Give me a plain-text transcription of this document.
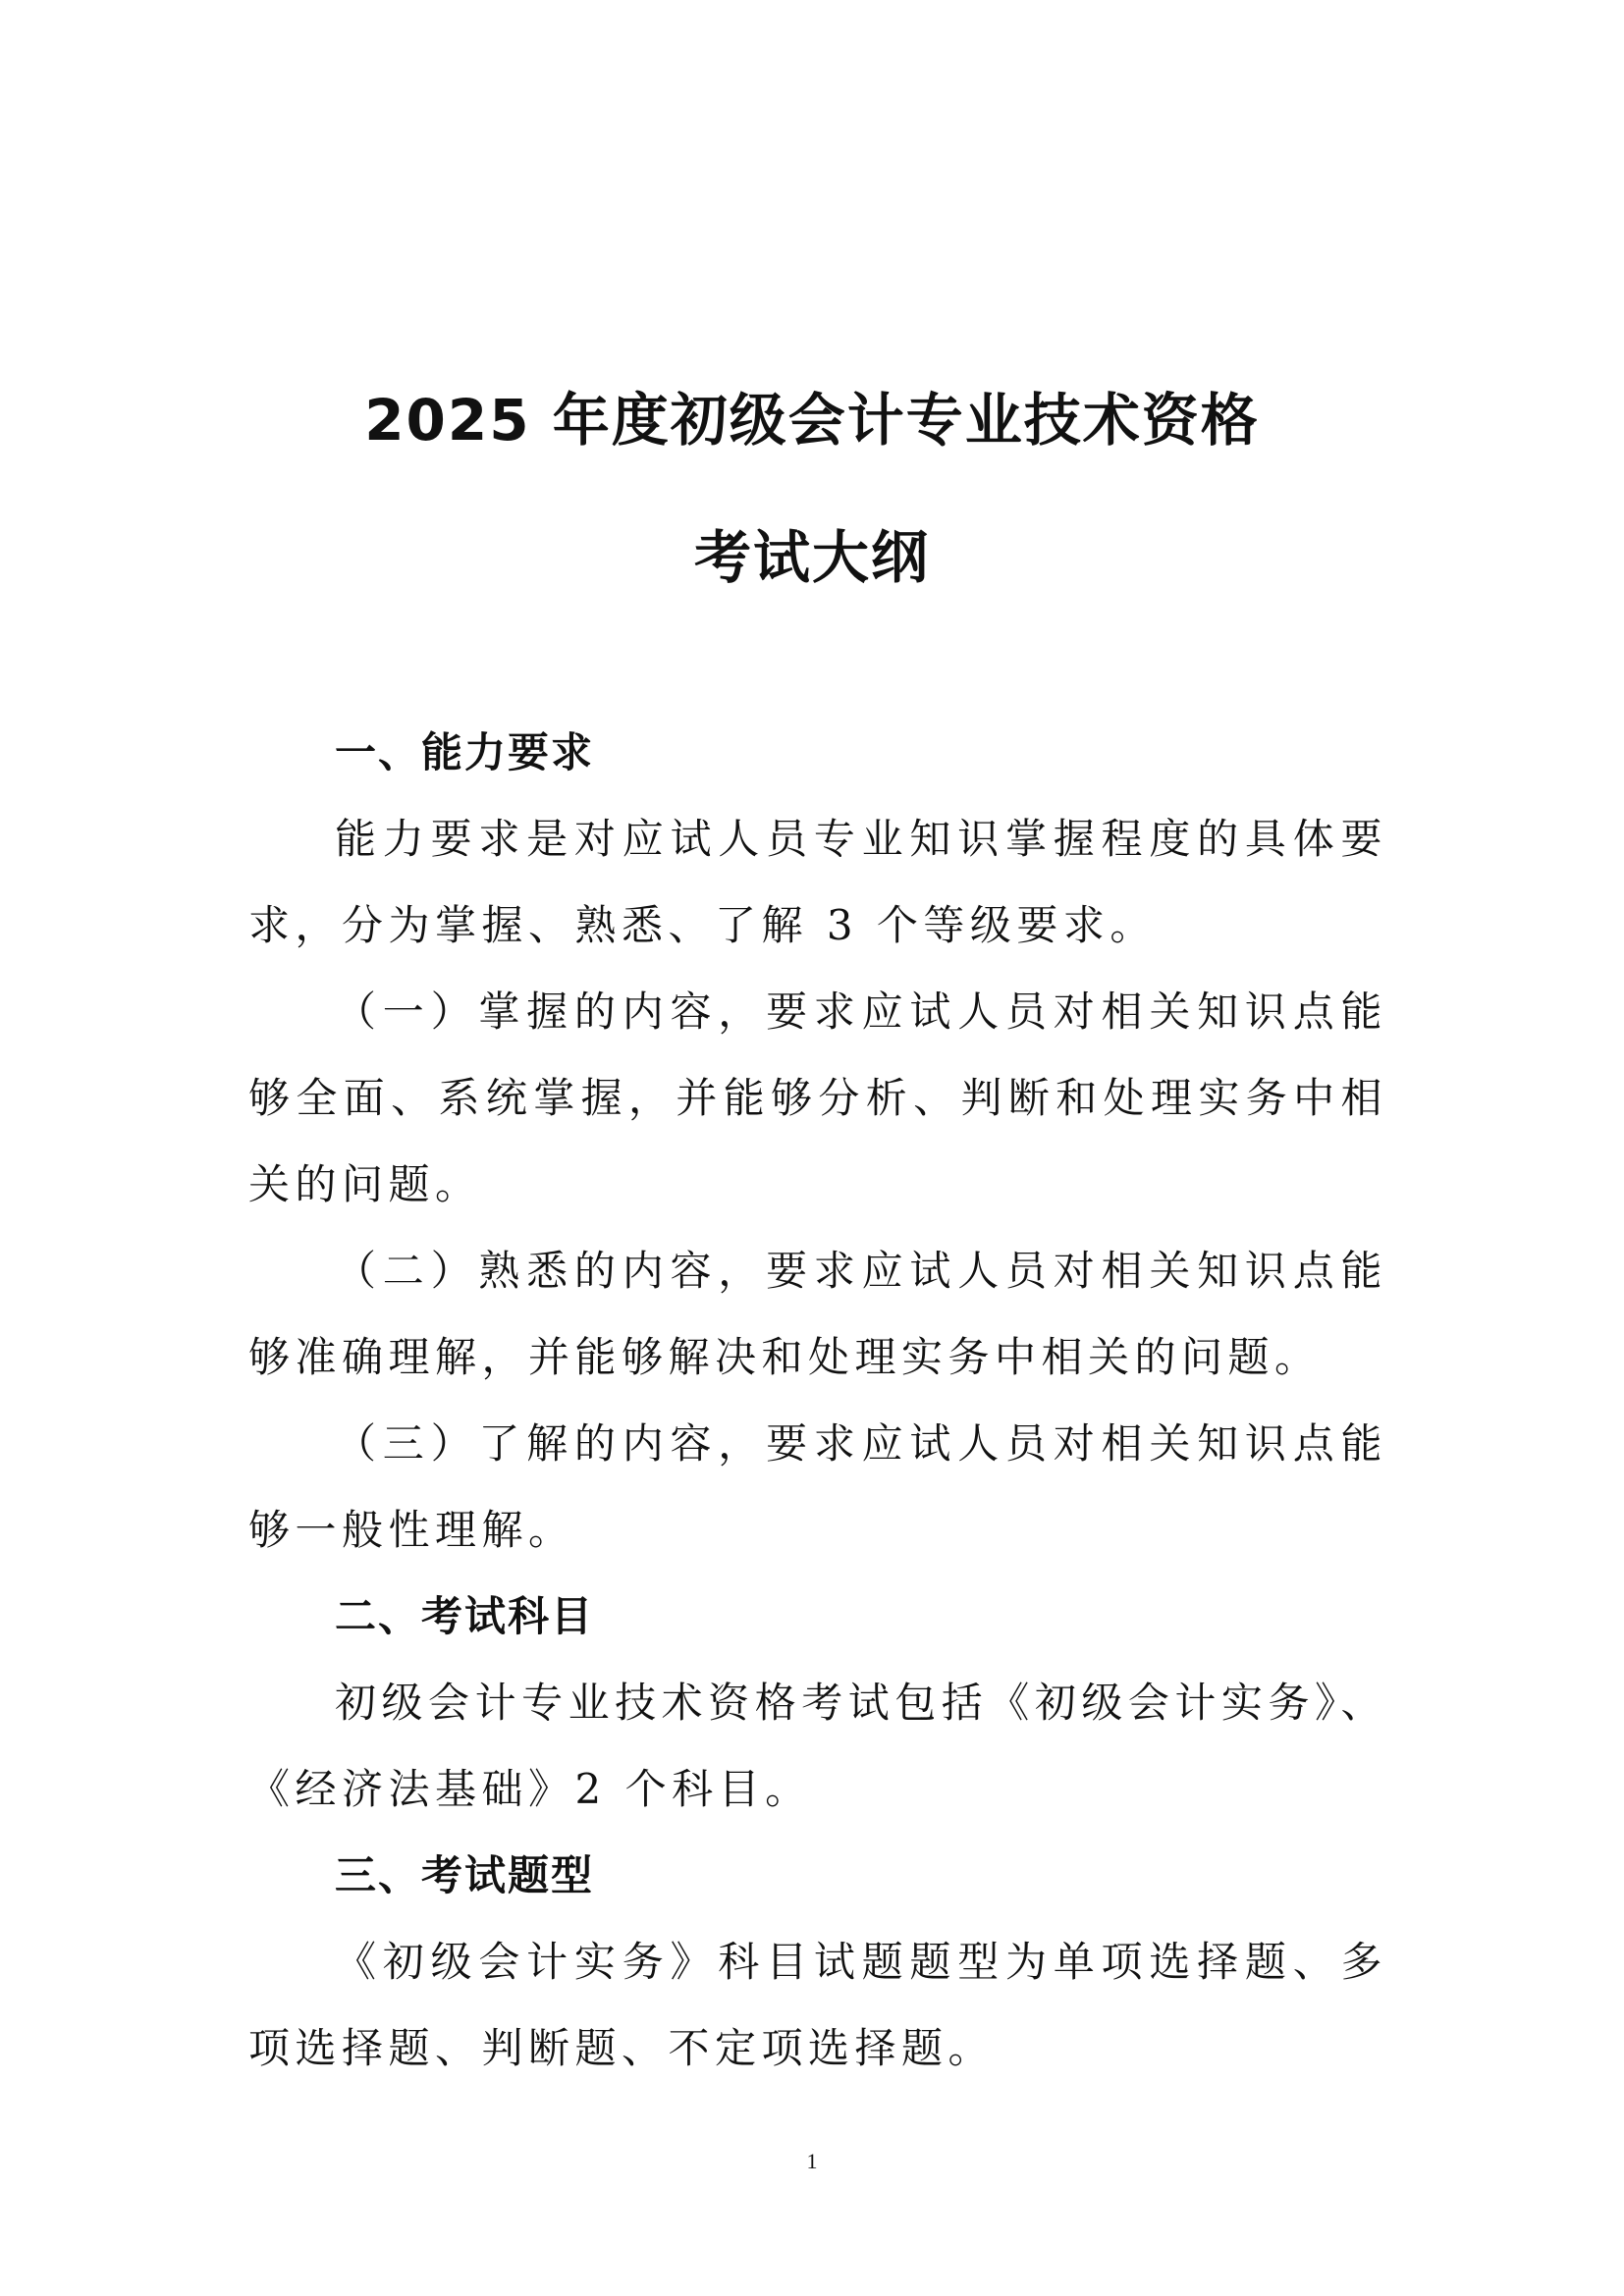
2025 年度初级会计专业技术资格
考试大纲
一、能力要求

能力要求是对应试人员专业知识掌握程度的具体要求，分为掌握、熟悉、了解 3 个等级要求。

（一）掌握的内容，要求应试人员对相关知识点能够全面、系统掌握，并能够分析、判断和处理实务中相关的问题。

（二）熟悉的内容，要求应试人员对相关知识点能够准确理解，并能够解决和处理实务中相关的问题。

（三）了解的内容，要求应试人员对相关知识点能够一般性理解。

二、考试科目

初级会计专业技术资格考试包括《初级会计实务》、《经济法基础》2 个科目。

三、考试题型

《初级会计实务》科目试题题型为单项选择题、多项选择题、判断题、不定项选择题。

1
